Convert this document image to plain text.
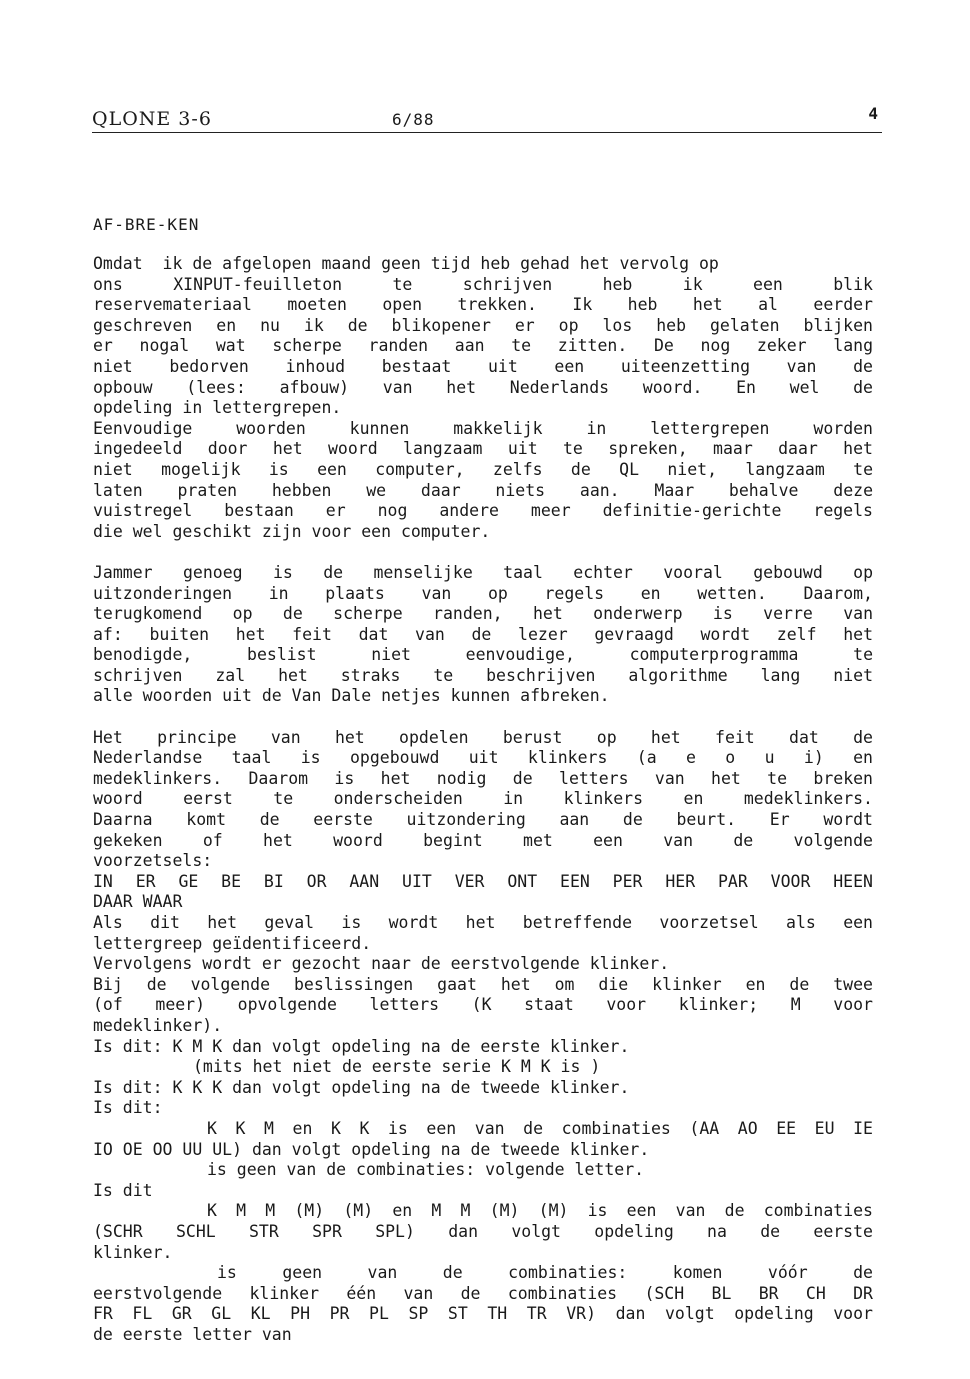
QLONE 3-6	6/88	4
AF-BRE-KEN
Omdat  ik de afgelopen maand geen tijd heb gehad het vervolg op
ons XINPUT-feuilleton te schrijven heb ik een blik
reservemateriaal moeten open trekken. Ik heb het al eerder
geschreven en nu ik de blikopener er op los heb gelaten blijken
er nogal wat scherpe randen aan te zitten. De nog zeker lang
niet bedorven inhoud bestaat uit een uiteenzetting van de
opbouw (lees: afbouw) van het Nederlands woord. En wel de
opdeling in lettergrepen.
Eenvoudige woorden kunnen makkelijk in lettergrepen worden
ingedeeld door het woord langzaam uit te spreken, maar daar het
niet mogelijk is een computer, zelfs de QL niet, langzaam te
laten praten hebben we daar niets aan. Maar behalve deze
vuistregel bestaan er nog andere meer definitie-gerichte regels
die wel geschikt zijn voor een computer.
Jammer genoeg is de menselijke taal echter vooral gebouwd op
uitzonderingen in plaats van op regels en wetten. Daarom,
terugkomend op de scherpe randen, het onderwerp is verre van
af: buiten het feit dat van de lezer gevraagd wordt zelf het
benodigde, beslist niet eenvoudige, computerprogramma te
schrijven zal het straks te beschrijven algorithme lang niet
alle woorden uit de Van Dale netjes kunnen afbreken.
Het principe van het opdelen berust op het feit dat de
Nederlandse taal is opgebouwd uit klinkers (a e o u i) en
medeklinkers. Daarom is het nodig de letters van het te breken
woord eerst te onderscheiden in klinkers en medeklinkers.
Daarna komt de eerste uitzondering aan de beurt. Er wordt
gekeken of het woord begint met een van de volgende
voorzetsels:
IN ER GE BE BI OR AAN UIT VER ONT EEN PER HER PAR VOOR HEEN
DAAR WAAR
Als dit het geval is wordt het betreffende voorzetsel als een
lettergreep geïdentificeerd.
Vervolgens wordt er gezocht naar de eerstvolgende klinker.
Bij de volgende beslissingen gaat het om die klinker en de twee
(of meer) opvolgende letters (K staat voor klinker; M voor
medeklinker).
Is dit: K M K dan volgt opdeling na de eerste klinker.
(mits het niet de eerste serie K M K is )
Is dit: K K K dan volgt opdeling na de tweede klinker.
Is dit:
K K M en K K is een van de combinaties (AA AO EE EU IE
IO OE OO UU UL) dan volgt opdeling na de tweede klinker.
is geen van de combinaties: volgende letter.
Is dit
K M M (M) (M) en M M (M) (M) is een van de combinaties
(SCHR SCHL STR SPR SPL) dan volgt opdeling na de eerste
klinker.
is geen van de combinaties: komen vóór de
eerstvolgende klinker één van de combinaties (SCH BL BR CH DR
FR FL GR GL KL PH PR PL SP ST TH TR VR) dan volgt opdeling voor
de eerste letter van
